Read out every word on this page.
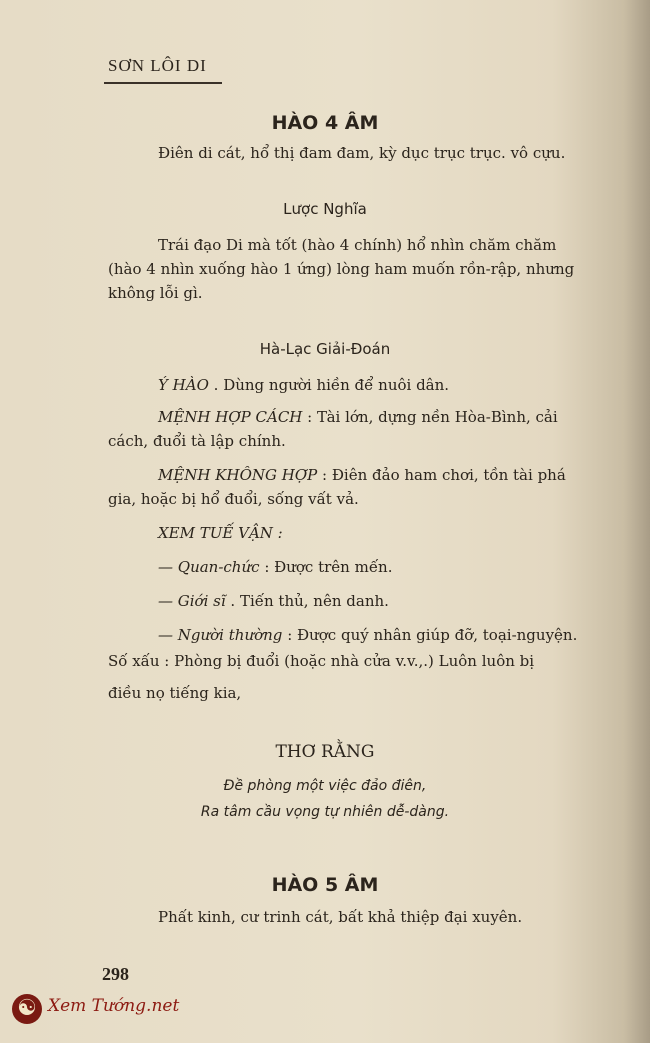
SƠN LÔI DI
HÀO 4 ÂM
Điên di cát, hổ thị đam đam, kỳ dục trục trục. vô cựu.
Lược Nghĩa
Trái đạo Di mà tốt (hào 4 chính) hổ nhìn chăm chăm
(hào 4 nhìn xuống hào 1 ứng) lòng ham muốn rồn-rập, nhưng
không lỗi gì.
Hà-Lạc Giải-Đoán
Ý HÀO . Dùng người hiền để nuôi dân.
MỆNH HỢP CÁCH : Tài lớn, dựng nền Hòa-Bình, cải
cách, đuổi tà lập chính.
MỆNH KHÔNG HỢP : Điên đảo ham chơi, tồn tài phá
gia, hoặc bị hổ đuổi, sống vất vả.
XEM TUẾ VẬN :
— Quan-chức : Được trên mến.
— Giới sĩ . Tiến thủ, nên danh.
— Người thường : Được quý nhân giúp đỡ, toại-nguyện.
Số xấu : Phòng bị đuổi (hoặc nhà cửa v.v.,.) Luôn luôn bị
điều nọ tiếng kia,
THƠ RẰNG
Đề phòng một việc đảo điên,
Ra tâm cầu vọng tự nhiên dễ-dàng.
HÀO 5 ÂM
Phất kinh, cư trinh cát, bất khả thiệp đại xuyên.
298
☯ Xem Tướng.net
